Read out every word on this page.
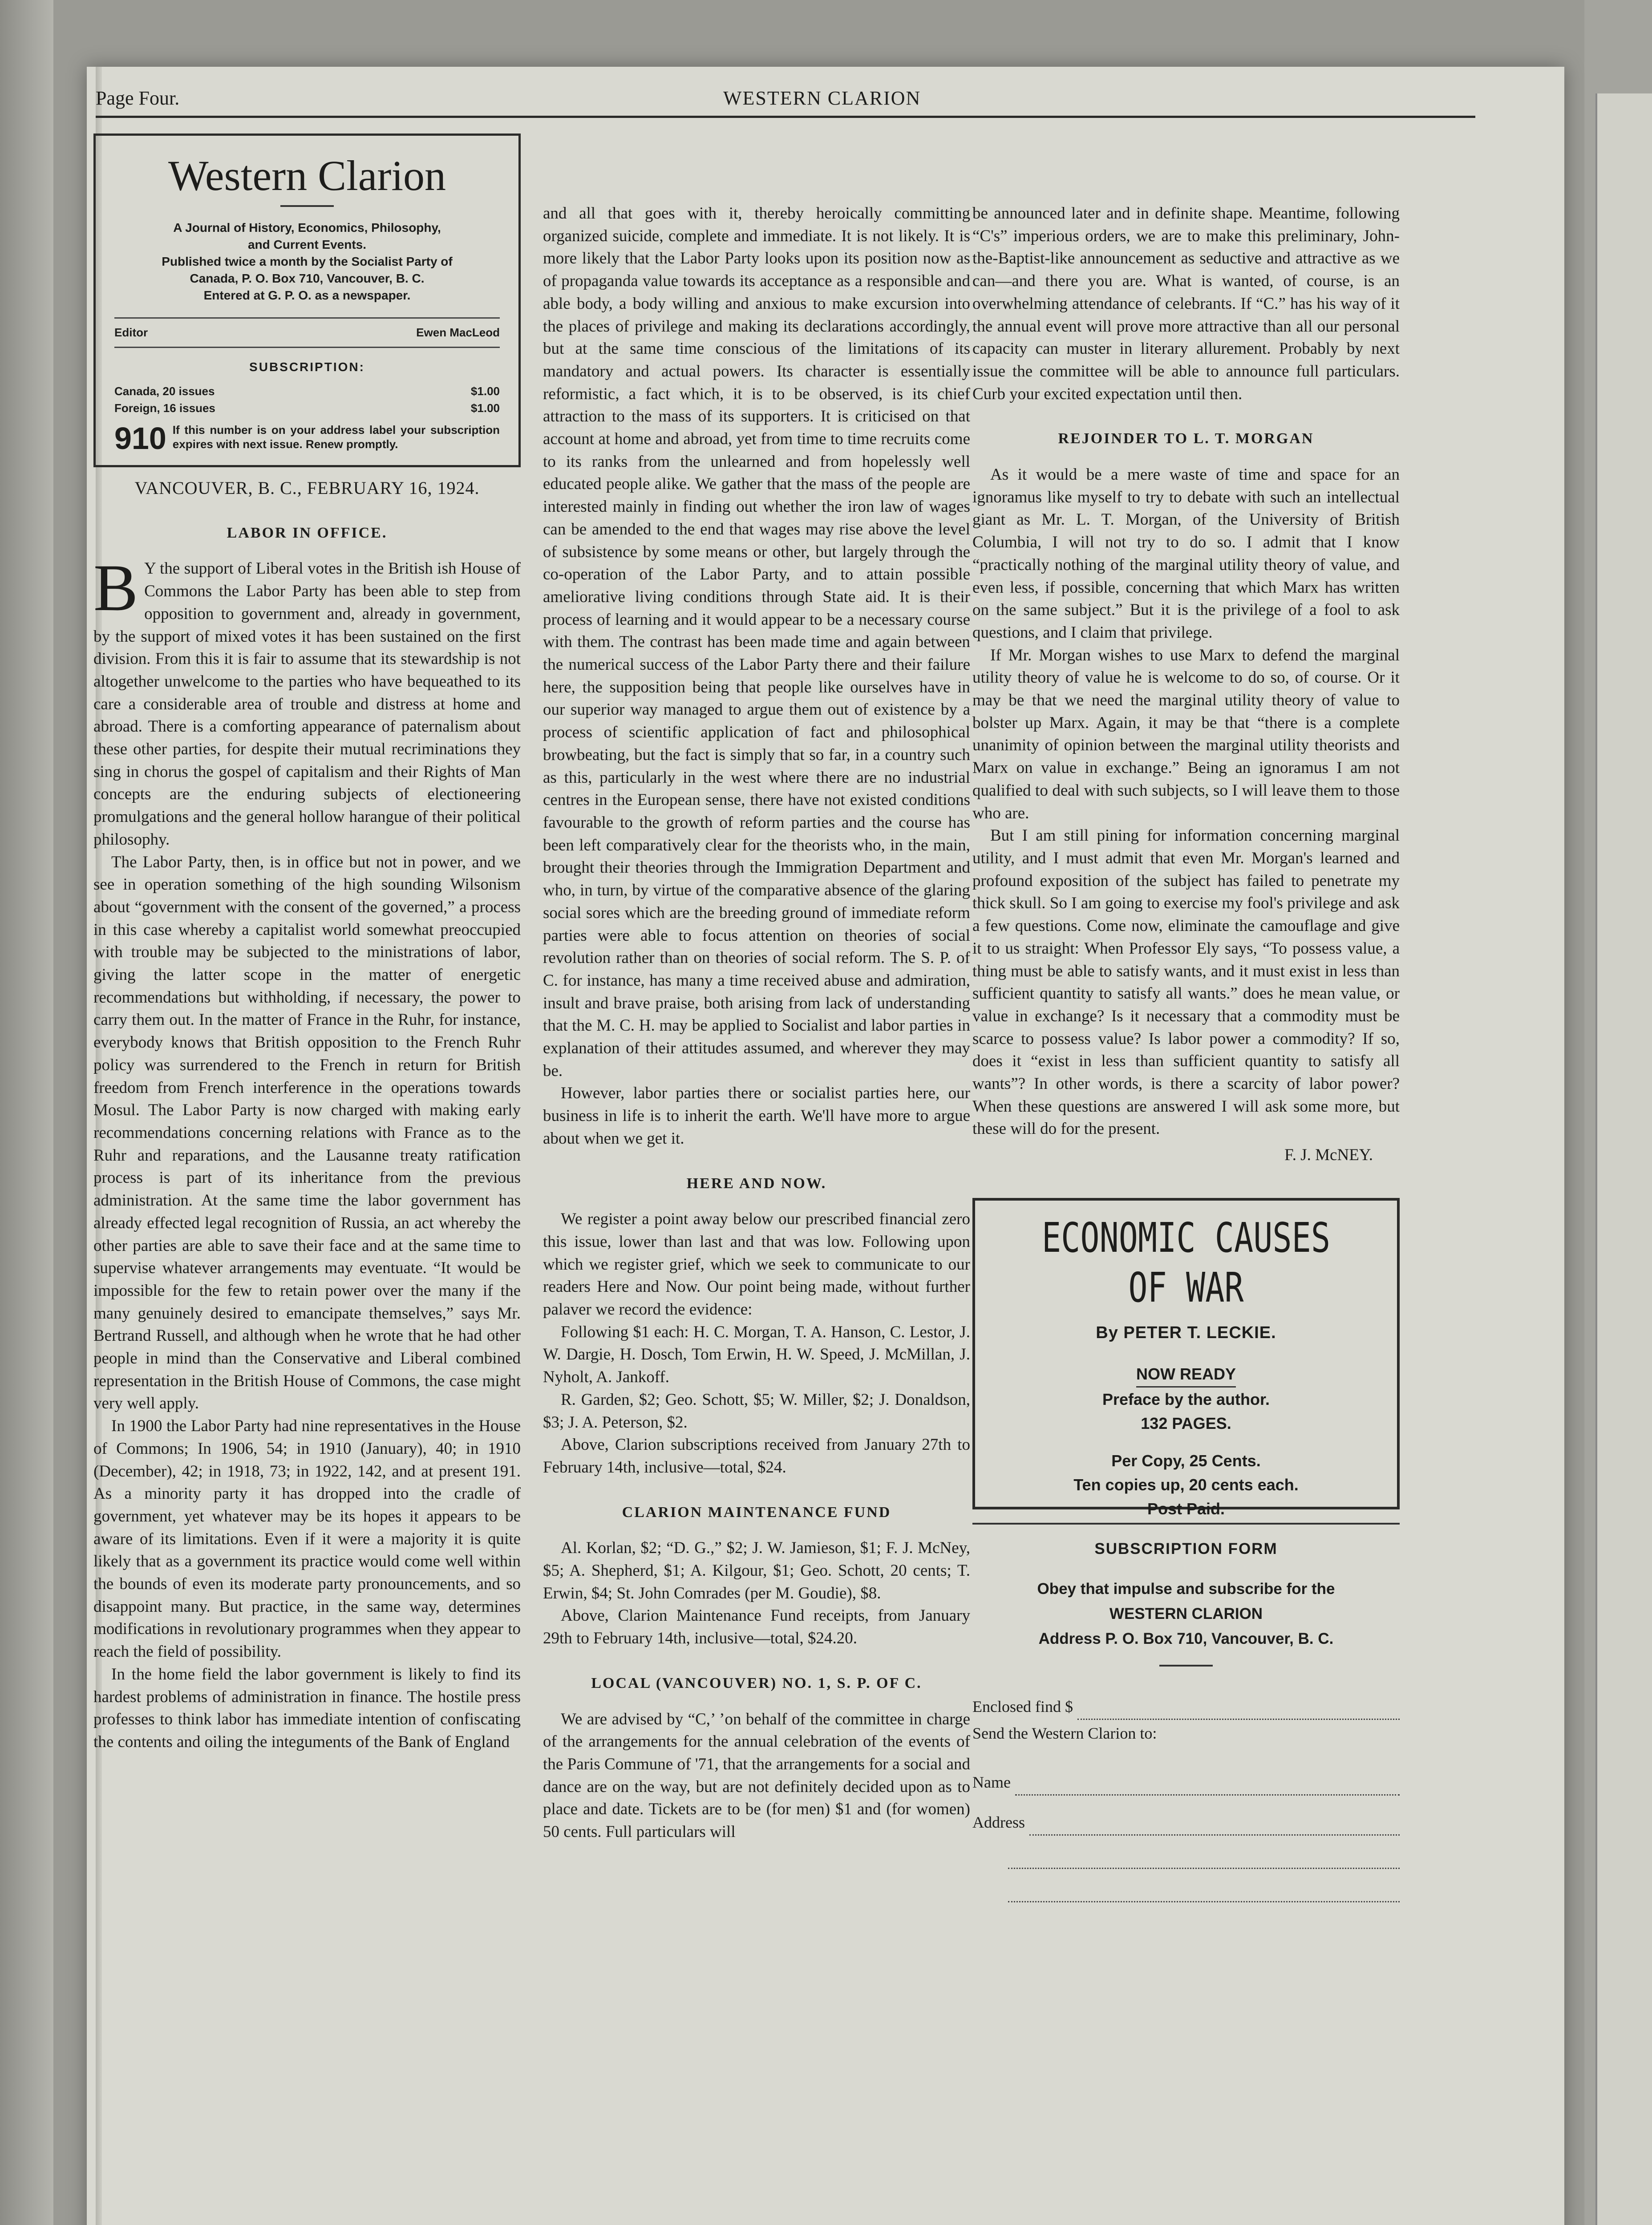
Page Four.	WESTERN CLARION
Western Clarion
A Journal of History, Economics, Philosophy,
and Current Events.
Published twice a month by the Socialist Party of
Canada, P. O. Box 710, Vancouver, B. C.
Entered at G. P. O. as a newspaper.
Editor	Ewen MacLeod
SUBSCRIPTION:
Canada, 20 issues	$1.00
Foreign, 16 issues	$1.00
910 If this number is on your address label your subscription expires with next issue. Renew promptly.
VANCOUVER, B. C., FEBRUARY 16, 1924.
LABOR IN OFFICE.

B Y the support of Liberal votes in the British ish House of Commons the Labor Party has been able to step from opposition to government and, already in government, by the support of mixed votes it has been sustained on the first division. From this it is fair to assume that its stewardship is not altogether unwelcome to the parties who have bequeathed to its care a considerable area of trouble and distress at home and abroad. There is a comforting appearance of paternalism about these other parties, for despite their mutual recriminations they sing in chorus the gospel of capitalism and their Rights of Man concepts are the enduring subjects of electioneering promulgations and the general hollow harangue of their political philosophy.

The Labor Party, then, is in office but not in power, and we see in operation something of the high sounding Wilsonism about “government with the consent of the governed,” a process in this case whereby a capitalist world somewhat preoccupied with trouble may be subjected to the ministrations of labor, giving the latter scope in the matter of energetic recommendations but withholding, if necessary, the power to carry them out. In the matter of France in the Ruhr, for instance, everybody knows that British opposition to the French Ruhr policy was surrendered to the French in return for British freedom from French interference in the operations towards Mosul. The Labor Party is now charged with making early recommendations concerning relations with France as to the Ruhr and reparations, and the Lausanne treaty ratification process is part of its inheritance from the previous administration. At the same time the labor government has already effected legal recognition of Russia, an act whereby the other parties are able to save their face and at the same time to supervise whatever arrangements may eventuate. “It would be impossible for the few to retain power over the many if the many genuinely desired to emancipate themselves,” says Mr. Bertrand Russell, and although when he wrote that he had other people in mind than the Conservative and Liberal combined representation in the British House of Commons, the case might very well apply.

In 1900 the Labor Party had nine representatives in the House of Commons; In 1906, 54; in 1910 (January), 40; in 1910 (December), 42; in 1918, 73; in 1922, 142, and at present 191. As a minority party it has dropped into the cradle of government, yet whatever may be its hopes it appears to be aware of its limitations. Even if it were a majority it is quite likely that as a government its practice would come well within the bounds of even its moderate party pronouncements, and so disappoint many. But practice, in the same way, determines modifications in revolutionary programmes when they appear to reach the field of possibility.

In the home field the labor government is likely to find its hardest problems of administration in finance. The hostile press professes to think labor has immediate intention of confiscating the contents and oiling the integuments of the Bank of England

and all that goes with it, thereby heroically committing organized suicide, complete and immediate. It is not likely. It is more likely that the Labor Party looks upon its position now as of propaganda value towards its acceptance as a responsible and able body, a body willing and anxious to make excursion into the places of privilege and making its declarations accordingly, but at the same time conscious of the limitations of its mandatory and actual powers. Its character is essentially reformistic, a fact which, it is to be observed, is its chief attraction to the mass of its supporters. It is criticised on that account at home and abroad, yet from time to time recruits come to its ranks from the unlearned and from hopelessly well educated people alike. We gather that the mass of the people are interested mainly in finding out whether the iron law of wages can be amended to the end that wages may rise above the level of subsistence by some means or other, but largely through the co-operation of the Labor Party, and to attain possible ameliorative living conditions through State aid. It is their process of learning and it would appear to be a necessary course with them. The contrast has been made time and again between the numerical success of the Labor Party there and their failure here, the supposition being that people like ourselves have in our superior way managed to argue them out of existence by a process of scientific application of fact and philosophical browbeating, but the fact is simply that so far, in a country such as this, particularly in the west where there are no industrial centres in the European sense, there have not existed conditions favourable to the growth of reform parties and the course has been left comparatively clear for the theorists who, in the main, brought their theories through the Immigration Department and who, in turn, by virtue of the comparative absence of the glaring social sores which are the breeding ground of immediate reform parties were able to focus attention on theories of social revolution rather than on theories of social reform. The S. P. of C. for instance, has many a time received abuse and admiration, insult and brave praise, both arising from lack of understanding that the M. C. H. may be applied to Socialist and labor parties in explanation of their attitudes assumed, and wherever they may be.

However, labor parties there or socialist parties here, our business in life is to inherit the earth. We'll have more to argue about when we get it.

HERE AND NOW.

We register a point away below our prescribed financial zero this issue, lower than last and that was low. Following upon which we register grief, which we seek to communicate to our readers Here and Now. Our point being made, without further palaver we record the evidence:

Following $1 each: H. C. Morgan, T. A. Hanson, C. Lestor, J. W. Dargie, H. Dosch, Tom Erwin, H. W. Speed, J. McMillan, J. Nyholt, A. Jankoff.

R. Garden, $2; Geo. Schott, $5; W. Miller, $2; J. Donaldson, $3; J. A. Peterson, $2.

Above, Clarion subscriptions received from January 27th to February 14th, inclusive—total, $24.

CLARION MAINTENANCE FUND

Al. Korlan, $2; “D. G.,” $2; J. W. Jamieson, $1; F. J. McNey, $5; A. Shepherd, $1; A. Kilgour, $1; Geo. Schott, 20 cents; T. Erwin, $4; St. John Comrades (per M. Goudie), $8.

Above, Clarion Maintenance Fund receipts, from January 29th to February 14th, inclusive—total, $24.20.

LOCAL (VANCOUVER) NO. 1, S. P. OF C.

We are advised by “C,’ ’on behalf of the committee in charge of the arrangements for the annual celebration of the events of the Paris Commune of '71, that the arrangements for a social and dance are on the way, but are not definitely decided upon as to place and date. Tickets are to be (for men) $1 and (for women) 50 cents. Full particulars will

be announced later and in definite shape. Meantime, following “C's” imperious orders, we are to make this preliminary, John-the-Baptist-like announcement as seductive and attractive as we can—and there you are. What is wanted, of course, is an overwhelming attendance of celebrants. If “C.” has his way of it the annual event will prove more attractive than all our personal capacity can muster in literary allurement. Probably by next issue the committee will be able to announce full particulars. Curb your excited expectation until then.

REJOINDER TO L. T. MORGAN

As it would be a mere waste of time and space for an ignoramus like myself to try to debate with such an intellectual giant as Mr. L. T. Morgan, of the University of British Columbia, I will not try to do so. I admit that I know “practically nothing of the marginal utility theory of value, and even less, if possible, concerning that which Marx has written on the same subject.” But it is the privilege of a fool to ask questions, and I claim that privilege.

If Mr. Morgan wishes to use Marx to defend the marginal utility theory of value he is welcome to do so, of course. Or it may be that we need the marginal utility theory of value to bolster up Marx. Again, it may be that “there is a complete unanimity of opinion between the marginal utility theorists and Marx on value in exchange.” Being an ignoramus I am not qualified to deal with such subjects, so I will leave them to those who are.

But I am still pining for information concerning marginal utility, and I must admit that even Mr. Morgan's learned and profound exposition of the subject has failed to penetrate my thick skull. So I am going to exercise my fool's privilege and ask a few questions. Come now, eliminate the camouflage and give it to us straight: When Professor Ely says, “To possess value, a thing must be able to satisfy wants, and it must exist in less than sufficient quantity to satisfy all wants.” does he mean value, or value in exchange? Is it necessary that a commodity must be scarce to possess value? Is labor power a commodity? If so, does it “exist in less than sufficient quantity to satisfy all wants”? In other words, is there a scarcity of labor power? When these questions are answered I will ask some more, but these will do for the present.

F. J. McNEY.
ECONOMIC CAUSES
OF WAR
By PETER T. LECKIE.
NOW READY
Preface by the author.
132 PAGES.
Per Copy, 25 Cents.
Ten copies up, 20 cents each.
Post Paid.
SUBSCRIPTION FORM
Obey that impulse and subscribe for the
WESTERN CLARION
Address P. O. Box 710, Vancouver, B. C.
Enclosed find $
Send the Western Clarion to:
Name
Address
